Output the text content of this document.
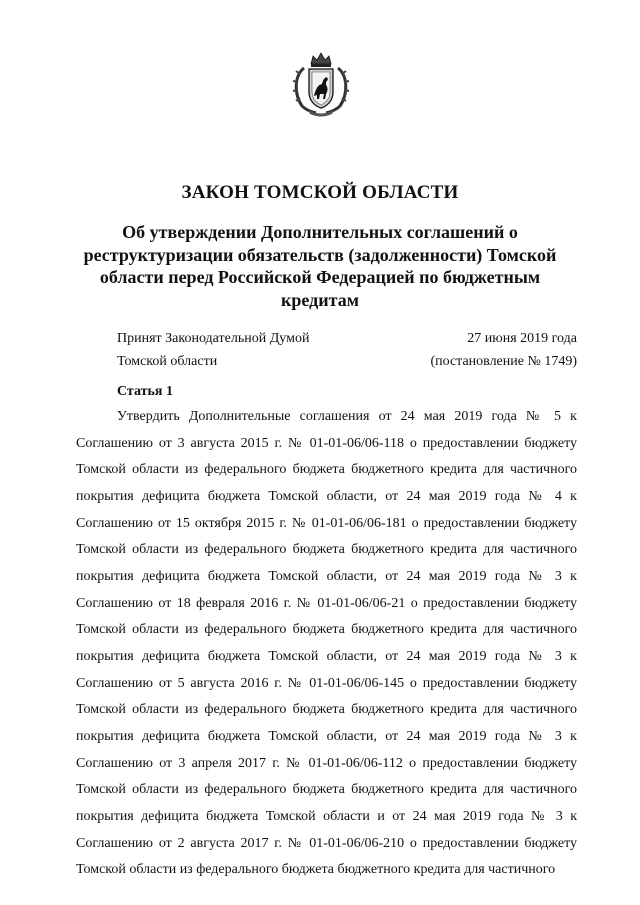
ЗАКОН ТОМСКОЙ ОБЛАСТИ
Об утверждении Дополнительных соглашений о реструктуризации обязательств (задолженности) Томской области перед Российской Федерацией по бюджетным кредитам
Принят Законодательной Думой
Томской области
27 июня 2019 года
(постановление № 1749)
Статья 1

Утвердить Дополнительные соглашения от 24 мая 2019 года № 5 к Соглашению от 3 августа 2015 г. № 01-01-06/06-118 о предоставлении бюджету Томской области из федерального бюджета бюджетного кредита для частичного покрытия дефицита бюджета Томской области, от 24 мая 2019 года № 4 к Соглашению от 15 октября 2015 г. № 01-01-06/06-181 о предоставлении бюджету Томской области из федерального бюджета бюджетного кредита для частичного покрытия дефицита бюджета Томской области, от 24 мая 2019 года № 3 к Соглашению от 18 февраля 2016 г. № 01-01-06/06-21 о предоставлении бюджету Томской области из федерального бюджета бюджетного кредита для частичного покрытия дефицита бюджета Томской области, от 24 мая 2019 года № 3 к Соглашению от 5 августа 2016 г. № 01-01-06/06-145 о предоставлении бюджету Томской области из федерального бюджета бюджетного кредита для частичного покрытия дефицита бюджета Томской области, от 24 мая 2019 года № 3 к Соглашению от 3 апреля 2017 г. № 01-01-06/06-112 о предоставлении бюджету Томской области из федерального бюджета бюджетного кредита для частичного покрытия дефицита бюджета Томской области и от 24 мая 2019 года № 3 к Соглашению от 2 августа 2017 г. № 01-01-06/06-210 о предоставлении бюджету Томской области из федерального бюджета бюджетного кредита для частичного
